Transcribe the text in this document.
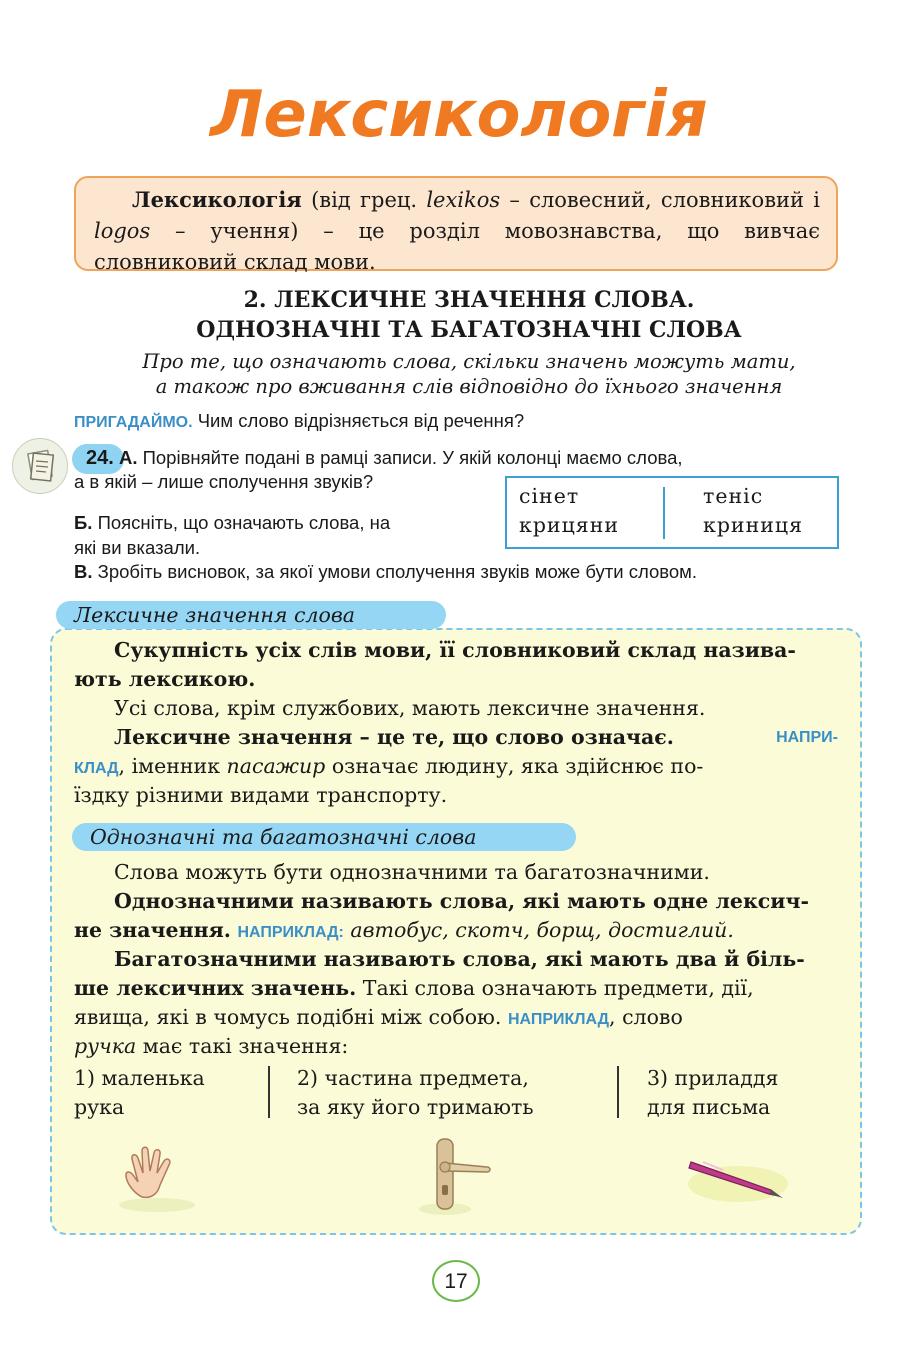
Лексикологія

Лексикологія (від грец. lexikos – словесний, словниковий і logos – учення) – це розділ мовознавства, що вивчає словниковий склад мови.

2. ЛЕКСИЧНЕ ЗНАЧЕННЯ СЛОВА.
ОДНОЗНАЧНІ ТА БАГАТОЗНАЧНІ СЛОВА
Про те, що означають слова, скільки значень можуть мати,
а також про вживання слів відповідно до їхнього значення
ПРИГАДАЙМО. Чим слово відрізняється від речення?
24. А. Порівняйте подані в рамці записи. У якій колонці маємо слова,
а в якій – лише сполучення звуків?
Б. Поясніть, що означають слова, на
які ви вказали.
В. Зробіть висновок, за якої умови сполучення звуків може бути словом.
сінет
крицяни
теніс
криниця
Лексичне значення слова
Сукупність усіх слів мови, її словниковий склад назива-
ють лексикою.
Усі слова, крім службових, мають лексичне значення.
Лексичне значення – це те, що слово означає.	НАПРИ-
КЛАД, іменник пасажир означає людину, яка здійснює по-
їздку різними видами транспорту.
Однозначні та багатозначні слова
Слова можуть бути однозначними та багатозначними.
Однозначними називають слова, які мають одне лексич-
не значення. НАПРИКЛАД: автобус, скотч, борщ, достиглий.
Багатозначними називають слова, які мають два й біль-
ше лексичних значень. Такі слова означають предмети, дії,
явища, які в чомусь подібні між собою. НАПРИКЛАД, слово
ручка має такі значення:
1) маленька
рука
2) частина предмета,
за яку його тримають
3) приладдя
для письма
17
